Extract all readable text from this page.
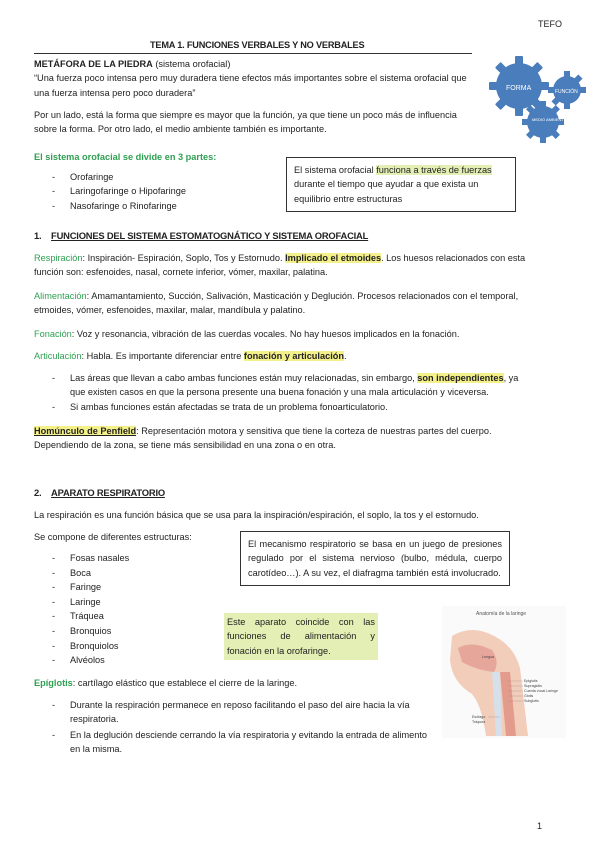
TEFO
TEMA 1. FUNCIONES VERBALES Y NO VERBALES
METÁFORA DE LA PIEDRA (sistema orofacial)
“Una fuerza poco intensa pero muy duradera tiene efectos más importantes sobre el sistema orofacial que una fuerza intensa pero poco duradera”	FORMA	FUNCIÓN
MEDIO AMBIENTE
Por un lado, está la forma que siempre es mayor que la función, ya que tiene un poco más de influencia sobre la forma. Por otro lado, el medio ambiente también es importante.
El sistema orofacial se divide en 3 partes:
- Orofaringe
- Laringofaringe o Hipofaringe
- Nasofaringe o Rinofaringe
El sistema orofacial funciona a través de fuerzas durante el tiempo que ayudar a que exista un equilibrio entre estructuras
1. FUNCIONES DEL SISTEMA ESTOMATOGNÁTICO Y SISTEMA OROFACIAL
Respiración: Inspiración- Espiración, Soplo, Tos y Estornudo. Implicado el etmoides. Los huesos relacionados con esta función son: esfenoides, nasal, cornete inferior, vómer, maxilar, palatina.
Alimentación: Amamantamiento, Succión, Salivación, Masticación y Deglución. Procesos relacionados con el temporal, etmoides, vómer, esfenoides, maxilar, malar, mandíbula y palatino.
Fonación: Voz y resonancia, vibración de las cuerdas vocales. No hay huesos implicados en la fonación.
Articulación: Habla. Es importante diferenciar entre fonación y articulación.
- Las áreas que llevan a cabo ambas funciones están muy relacionadas, sin embargo, son independientes, ya que existen casos en que la persona presente una buena fonación y una mala articulación y viceversa.
- Si ambas funciones están afectadas se trata de un problema fonoarticulatorio.
Homúnculo de Penfield: Representación motora y sensitiva que tiene la corteza de nuestras partes del cuerpo. Dependiendo de la zona, se tiene más sensibilidad en una zona o en otra.
2. APARATO RESPIRATORIO
La respiración es una función básica que se usa para la inspiración/espiración, el soplo, la tos y el estornudo.
Se compone de diferentes estructuras:
- Fosas nasales
- Boca
- Faringe
- Laringe
- Tráquea
- Bronquios
- Bronquiolos
- Alvéolos
El mecanismo respiratorio se basa en un juego de presiones regulado por el sistema nervioso (bulbo, médula, cuerpo carotídeo…). A su vez, el diafragma también está involucrado.
Este aparato coincide con las funciones de alimentación y fonación en la orofaringe.
Anatomía de la laringe
Lengua
Epiglotis
Supraglotis
Cuerda vocal Laringe
Glotis
Subglotis
Esófago
Tráquea
Epíglotis: cartílago elástico que establece el cierre de la laringe.
- Durante la respiración permanece en reposo facilitando el paso del aire hacia la vía respiratoria.
- En la deglución desciende cerrando la vía respiratoria y evitando la entrada de alimento en la misma.
1
